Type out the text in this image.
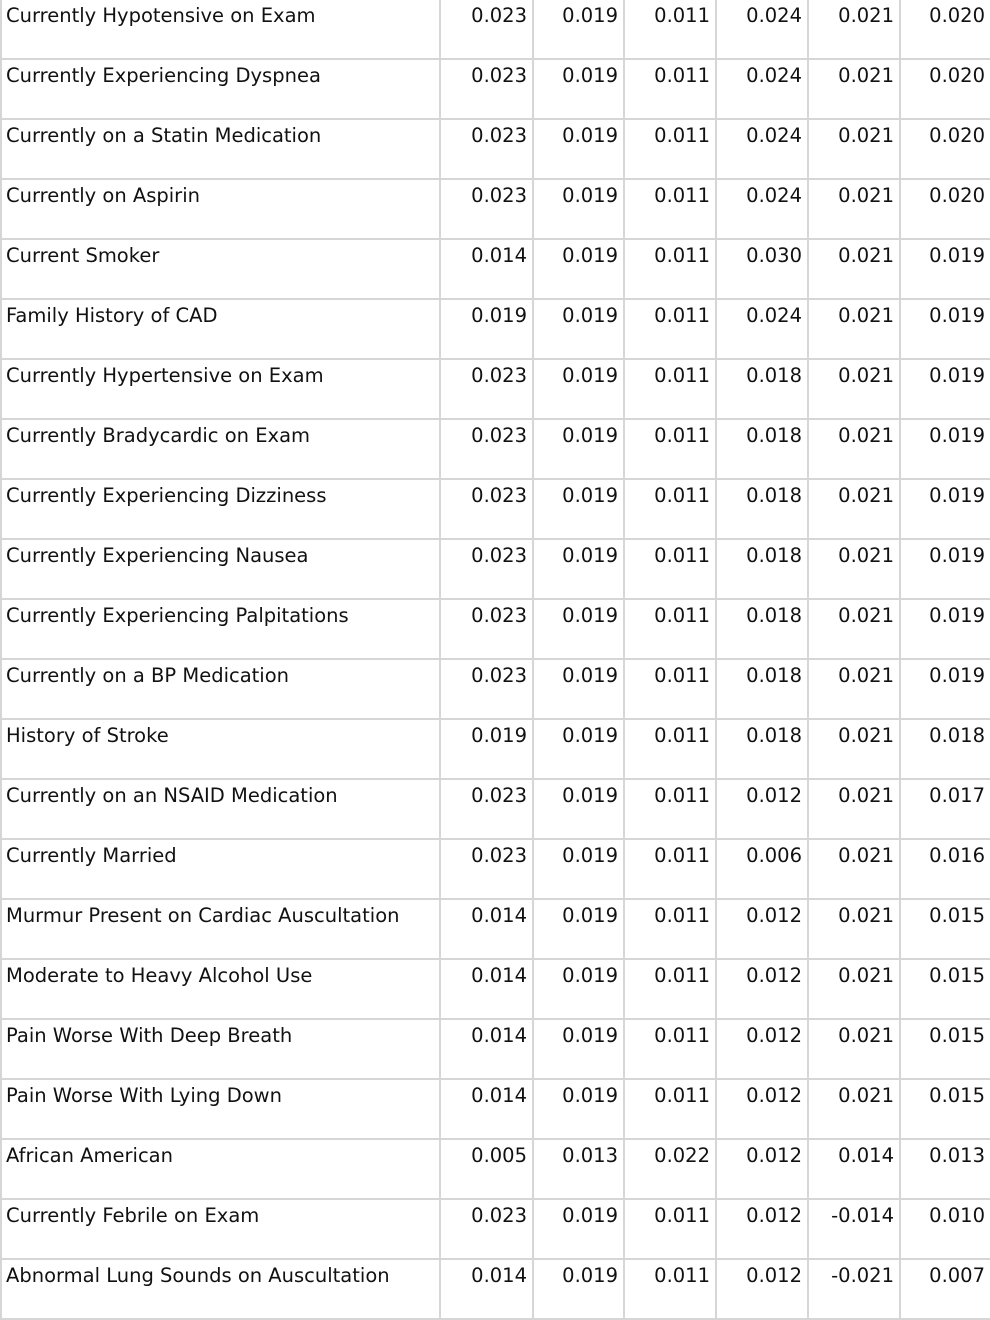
Currently Hypotensive on Exam	0.023	0.019	0.011	0.024	0.021	0.020
Currently Experiencing Dyspnea	0.023	0.019	0.011	0.024	0.021	0.020
Currently on a Statin Medication	0.023	0.019	0.011	0.024	0.021	0.020
Currently on Aspirin	0.023	0.019	0.011	0.024	0.021	0.020
Current Smoker	0.014	0.019	0.011	0.030	0.021	0.019
Family History of CAD	0.019	0.019	0.011	0.024	0.021	0.019
Currently Hypertensive on Exam	0.023	0.019	0.011	0.018	0.021	0.019
Currently Bradycardic on Exam	0.023	0.019	0.011	0.018	0.021	0.019
Currently Experiencing Dizziness	0.023	0.019	0.011	0.018	0.021	0.019
Currently Experiencing Nausea	0.023	0.019	0.011	0.018	0.021	0.019
Currently Experiencing Palpitations	0.023	0.019	0.011	0.018	0.021	0.019
Currently on a BP Medication	0.023	0.019	0.011	0.018	0.021	0.019
History of Stroke	0.019	0.019	0.011	0.018	0.021	0.018
Currently on an NSAID Medication	0.023	0.019	0.011	0.012	0.021	0.017
Currently Married	0.023	0.019	0.011	0.006	0.021	0.016
Murmur Present on Cardiac Auscultation	0.014	0.019	0.011	0.012	0.021	0.015
Moderate to Heavy Alcohol Use	0.014	0.019	0.011	0.012	0.021	0.015
Pain Worse With Deep Breath	0.014	0.019	0.011	0.012	0.021	0.015
Pain Worse With Lying Down	0.014	0.019	0.011	0.012	0.021	0.015
African American	0.005	0.013	0.022	0.012	0.014	0.013
Currently Febrile on Exam	0.023	0.019	0.011	0.012	-0.014	0.010
Abnormal Lung Sounds on Auscultation	0.014	0.019	0.011	0.012	-0.021	0.007
